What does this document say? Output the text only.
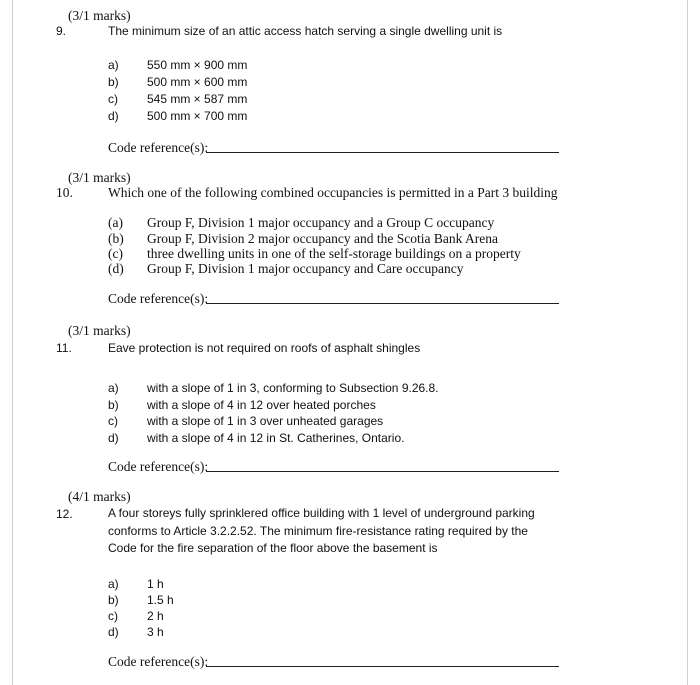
(3/1 marks)
9.	The minimum size of an attic access hatch serving a single dwelling unit is
a) 550 mm × 900 mm
b) 500 mm × 600 mm
c) 545 mm × 587 mm
d) 500 mm × 700 mm
Code reference(s):
(3/1 marks)
10.	Which one of the following combined occupancies is permitted in a Part 3 building
(a) Group F, Division 1 major occupancy and a Group C occupancy
(b) Group F, Division 2 major occupancy and the Scotia Bank Arena
(c) three dwelling units in one of the self-storage buildings on a property
(d) Group F, Division 1 major occupancy and Care occupancy
Code reference(s):
(3/1 marks)
11.	Eave protection is not required on roofs of asphalt shingles
a) with a slope of 1 in 3, conforming to Subsection 9.26.8.
b) with a slope of 4 in 12 over heated porches
c) with a slope of 1 in 3 over unheated garages
d) with a slope of 4 in 12 in St. Catherines, Ontario.
Code reference(s):
(4/1 marks)
12.	A four storeys fully sprinklered office building with 1 level of underground parking conforms to Article 3.2.2.52. The minimum fire-resistance rating required by the Code for the fire separation of the floor above the basement is
a) 1 h
b) 1.5 h
c) 2 h
d) 3 h
Code reference(s):
